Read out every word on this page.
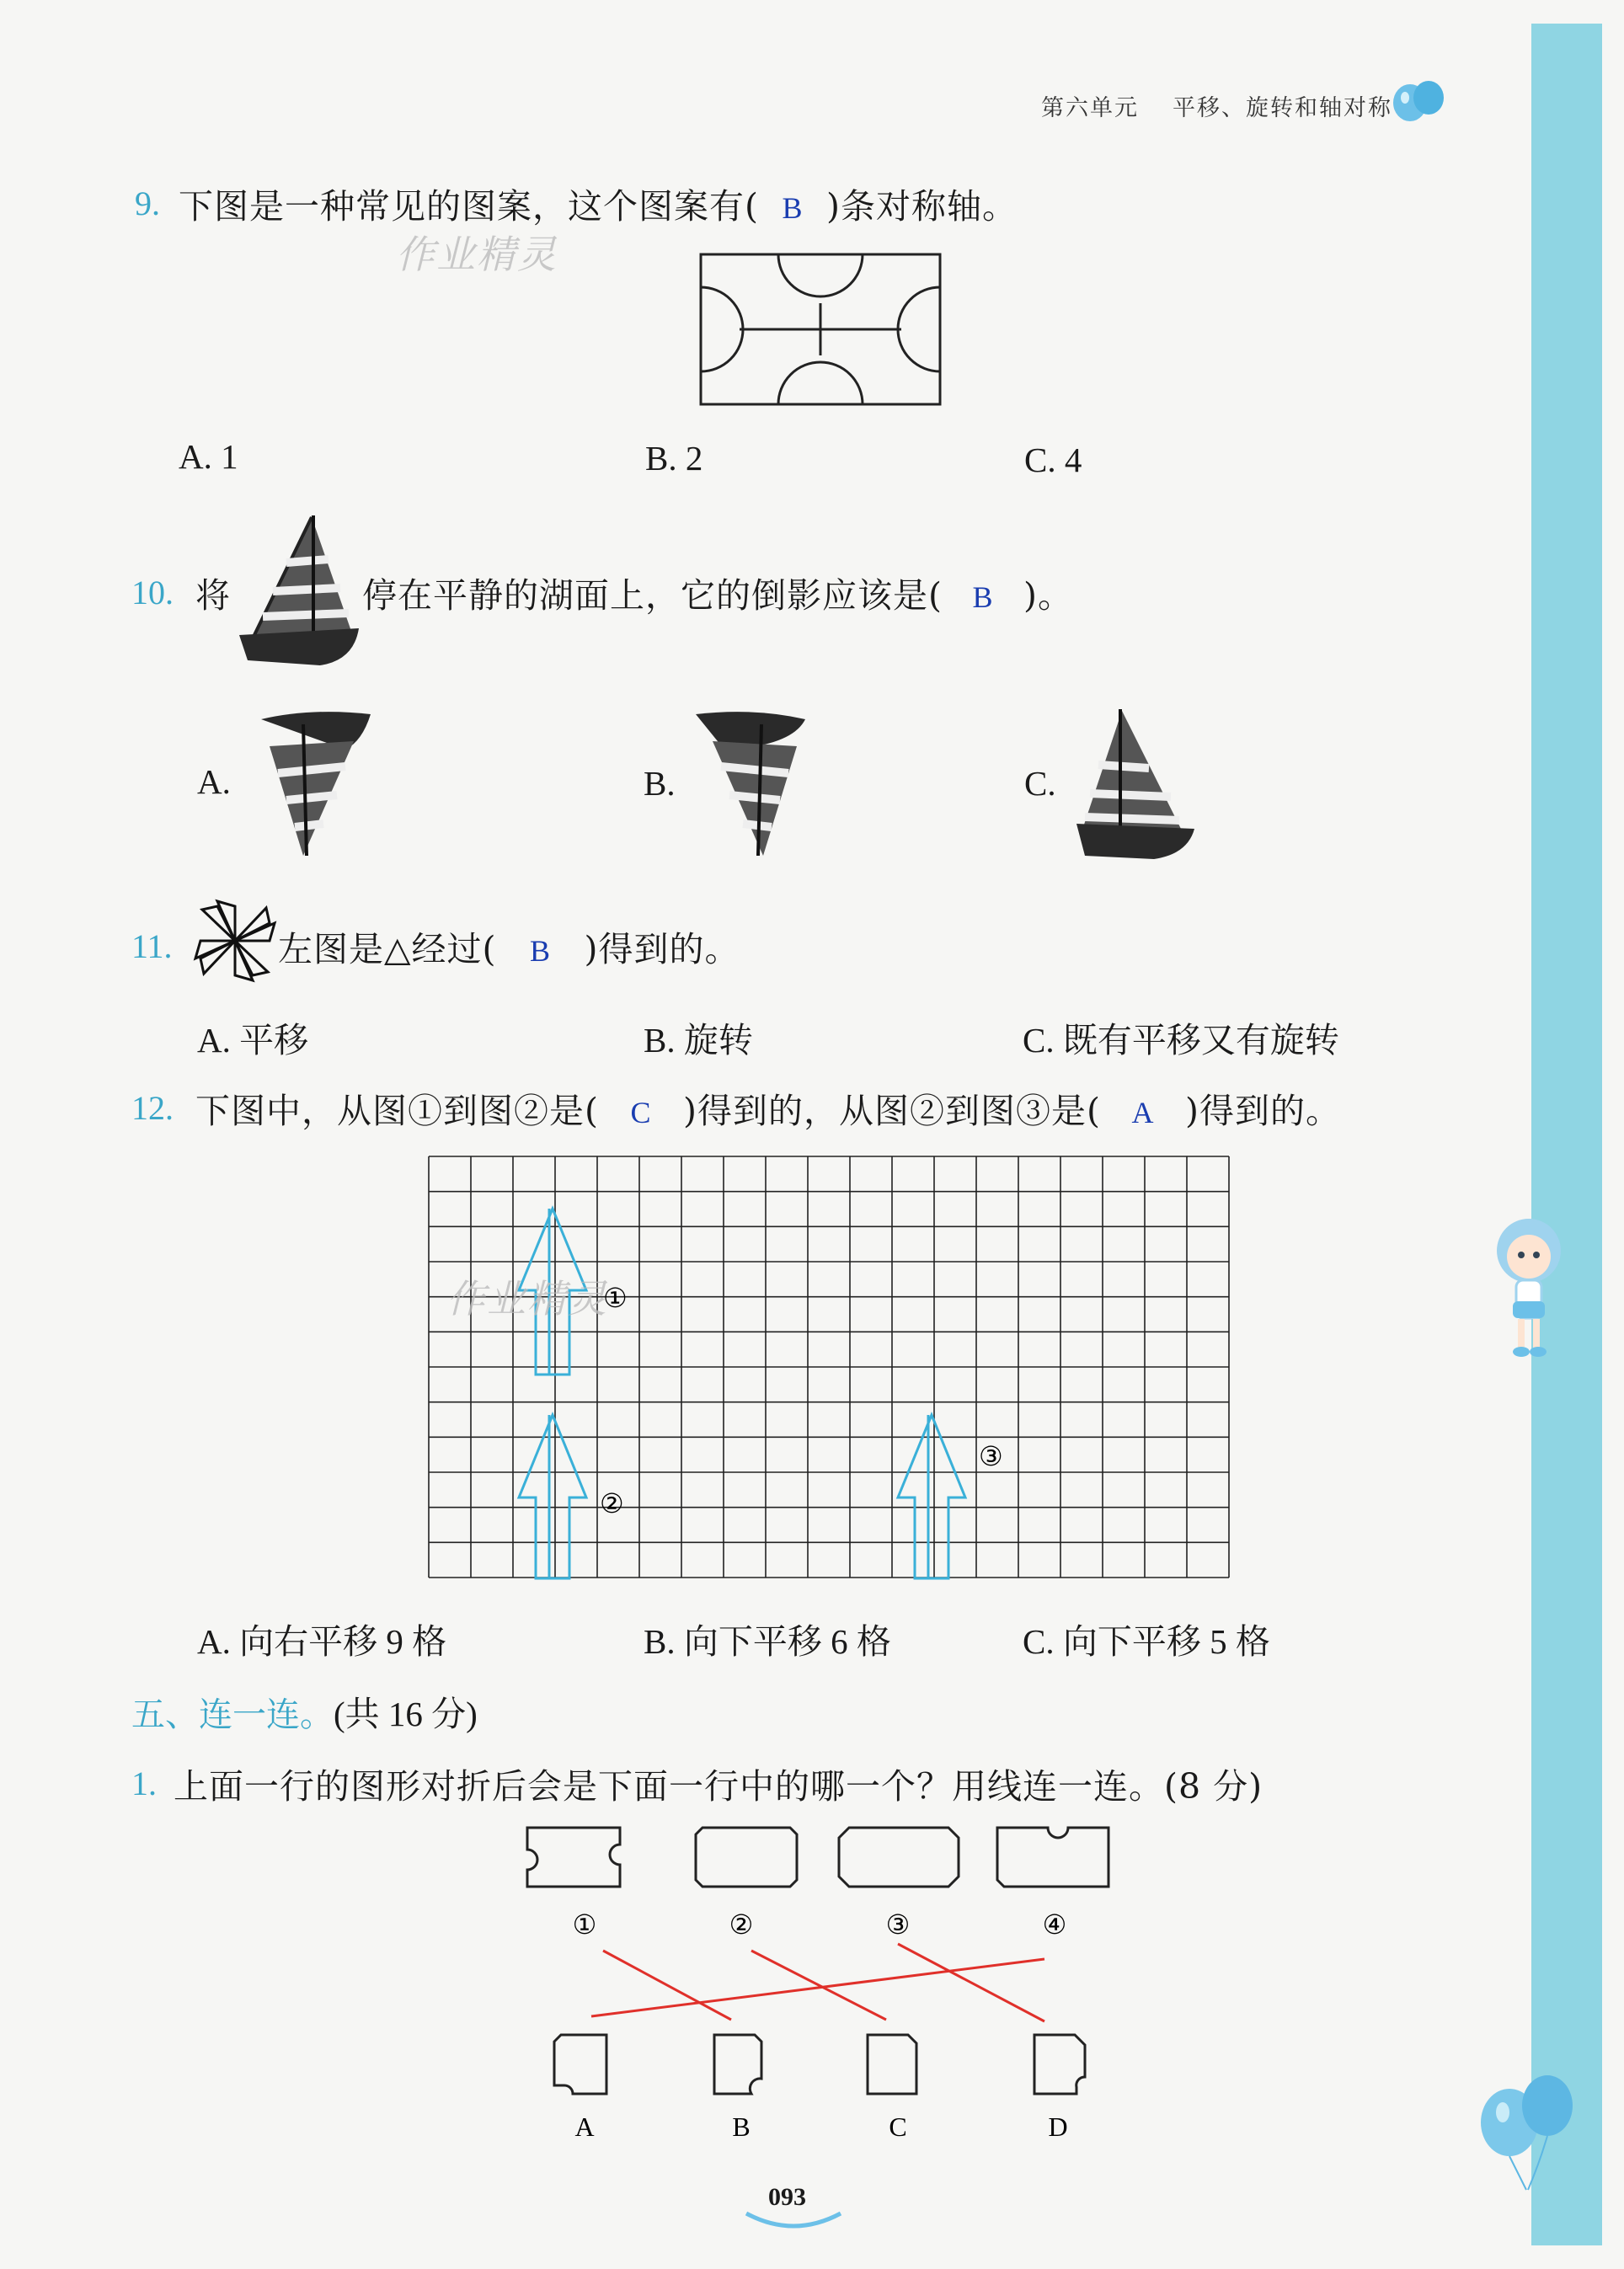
第六单元 平移、旋转和轴对称
9. 下图是一种常见的图案，这个图案有( B )条对称轴。
作业精灵
A. 1	B. 2	C. 4
10. 将	停在平静的湖面上，它的倒影应该是( B )。
A.	B.	C.
11.	左图是△经过( B )得到的。
A. 平移	B. 旋转	C. 既有平移又有旋转
12. 下图中，从图①到图②是( C )得到的，从图②到图③是( A )得到的。
①
②
③
作业精灵
A. 向右平移 9 格	B. 向下平移 6 格	C. 向下平移 5 格
五、连一连。(共 16 分)
1. 上面一行的图形对折后会是下面一行中的哪一个？用线连一连。(8 分)
①	②	③	④
A	B	C	D
093
